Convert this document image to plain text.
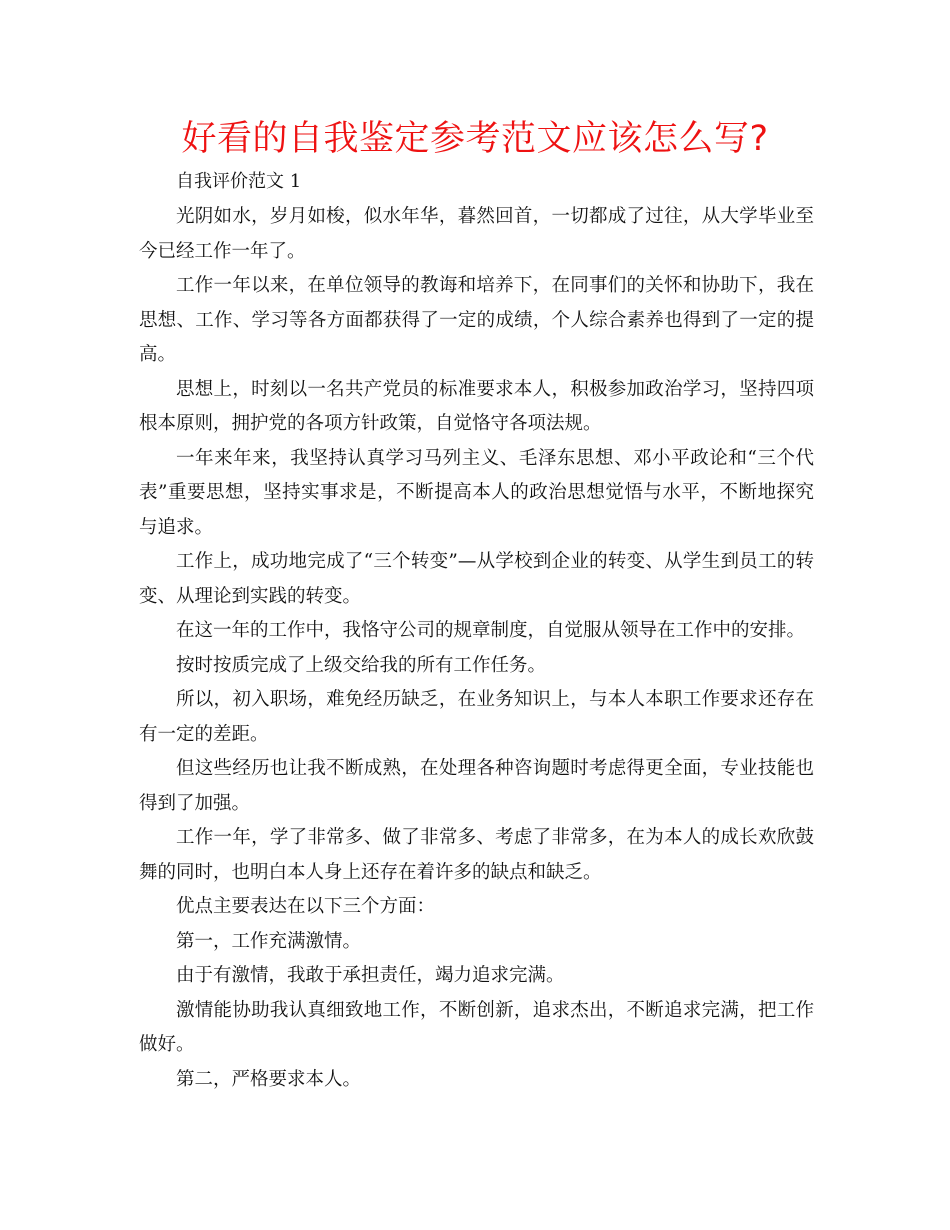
好看的自我鉴定参考范文应该怎么写?
自我评价范文 1

光阴如水，岁月如梭，似水年华，暮然回首，一切都成了过往，从大学毕业至今已经工作一年了。

工作一年以来，在单位领导的教诲和培养下，在同事们的关怀和协助下，我在思想、工作、学习等各方面都获得了一定的成绩，个人综合素养也得到了一定的提高。

思想上，时刻以一名共产党员的标准要求本人，积极参加政治学习，坚持四项根本原则，拥护党的各项方针政策，自觉恪守各项法规。

一年来年来，我坚持认真学习马列主义、毛泽东思想、邓小平政论和“三个代表”重要思想，坚持实事求是，不断提高本人的政治思想觉悟与水平，不断地探究与追求。

工作上，成功地完成了“三个转变”—从学校到企业的转变、从学生到员工的转变、从理论到实践的转变。

在这一年的工作中，我恪守公司的规章制度，自觉服从领导在工作中的安排。

按时按质完成了上级交给我的所有工作任务。

所以，初入职场，难免经历缺乏，在业务知识上，与本人本职工作要求还存在有一定的差距。

但这些经历也让我不断成熟，在处理各种咨询题时考虑得更全面，专业技能也得到了加强。

工作一年，学了非常多、做了非常多、考虑了非常多，在为本人的成长欢欣鼓舞的同时，也明白本人身上还存在着许多的缺点和缺乏。

优点主要表达在以下三个方面：

第一，工作充满激情。

由于有激情，我敢于承担责任，竭力追求完满。

激情能协助我认真细致地工作，不断创新，追求杰出，不断追求完满，把工作做好。

第二，严格要求本人。
